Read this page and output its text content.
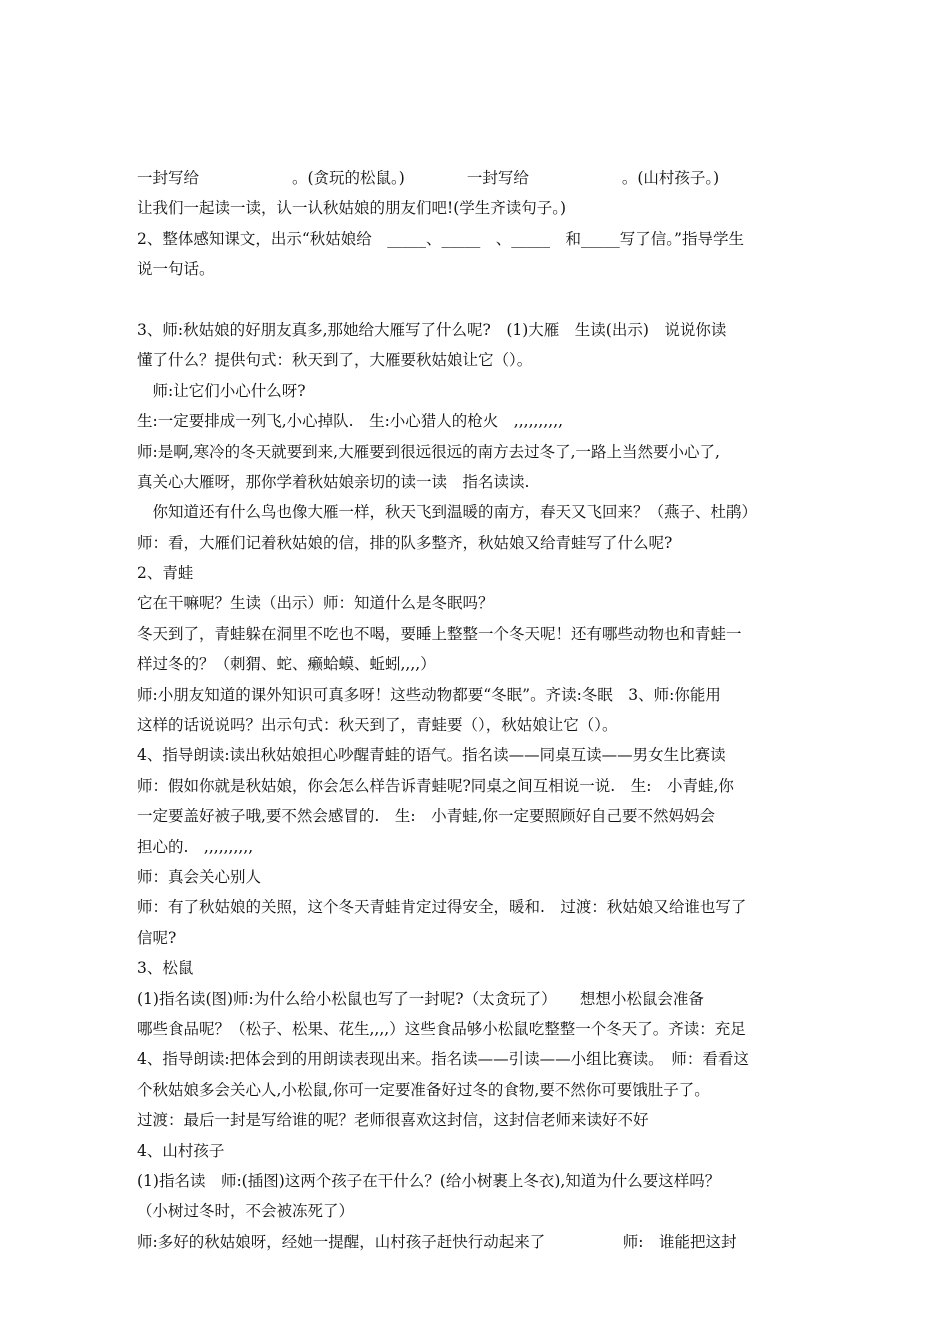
一封写给　　　　　　。(贪玩的松鼠。)　　　　一封写给　　　　　　。(山村孩子。)
让我们一起读一读，认一认秋姑娘的朋友们吧!(学生齐读句子。)
2、整体感知课文，出示“秋姑娘给　_____、_____　、_____　和_____写了信。”指导学生
说一句话。
3、师:秋姑娘的好朋友真多,那她给大雁写了什么呢?　(1)大雁　生读(出示)　说说你读
懂了什么？提供句式：秋天到了，大雁要秋姑娘让它（）。
　师:让它们小心什么呀?
生:一定要排成一列飞,小心掉队.　生:小心猎人的枪火　,,,,,,,,,,
师:是啊,寒冷的冬天就要到来,大雁要到很远很远的南方去过冬了,一路上当然要小心了,
真关心大雁呀，那你学着秋姑娘亲切的读一读　指名读读.
　你知道还有什么鸟也像大雁一样，秋天飞到温暖的南方，春天又飞回来？（燕子、杜鹃）
师：看，大雁们记着秋姑娘的信，排的队多整齐，秋姑娘又给青蛙写了什么呢?
2、青蛙
它在干嘛呢？生读（出示）师：知道什么是冬眠吗？
冬天到了，青蛙躲在洞里不吃也不喝，要睡上整整一个冬天呢！还有哪些动物也和青蛙一
样过冬的？（刺猬、蛇、癞蛤蟆、蚯蚓,,,,）
师:小朋友知道的课外知识可真多呀！这些动物都要“冬眠”。齐读:冬眠　3、师:你能用
这样的话说说吗？出示句式：秋天到了，青蛙要（），秋姑娘让它（）。
4、指导朗读:读出秋姑娘担心吵醒青蛙的语气。指名读——同桌互读——男女生比赛读
师：假如你就是秋姑娘，你会怎么样告诉青蛙呢?同桌之间互相说一说.　生:　小青蛙,你
一定要盖好被子哦,要不然会感冒的.　生:　小青蛙,你一定要照顾好自己要不然妈妈会
担心的.　,,,,,,,,,,
师：真会关心别人
师：有了秋姑娘的关照，这个冬天青蛙肯定过得安全，暖和.　过渡：秋姑娘又给谁也写了
信呢?
3、松鼠
(1)指名读(图)师:为什么给小松鼠也写了一封呢?（太贪玩了）　　想想小松鼠会准备
哪些食品呢？（松子、松果、花生,,,,）这些食品够小松鼠吃整整一个冬天了。齐读：充足
4、指导朗读:把体会到的用朗读表现出来。指名读——引读——小组比赛读。　师：看看这
个秋姑娘多会关心人,小松鼠,你可一定要准备好过冬的食物,要不然你可要饿肚子了。
过渡：最后一封是写给谁的呢？老师很喜欢这封信，这封信老师来读好不好
4、山村孩子
(1)指名读　师:(插图)这两个孩子在干什么？(给小树裹上冬衣),知道为什么要这样吗？
（小树过冬时，不会被冻死了）
师:多好的秋姑娘呀，经她一提醒，山村孩子赶快行动起来了　　　　　师:　谁能把这封
